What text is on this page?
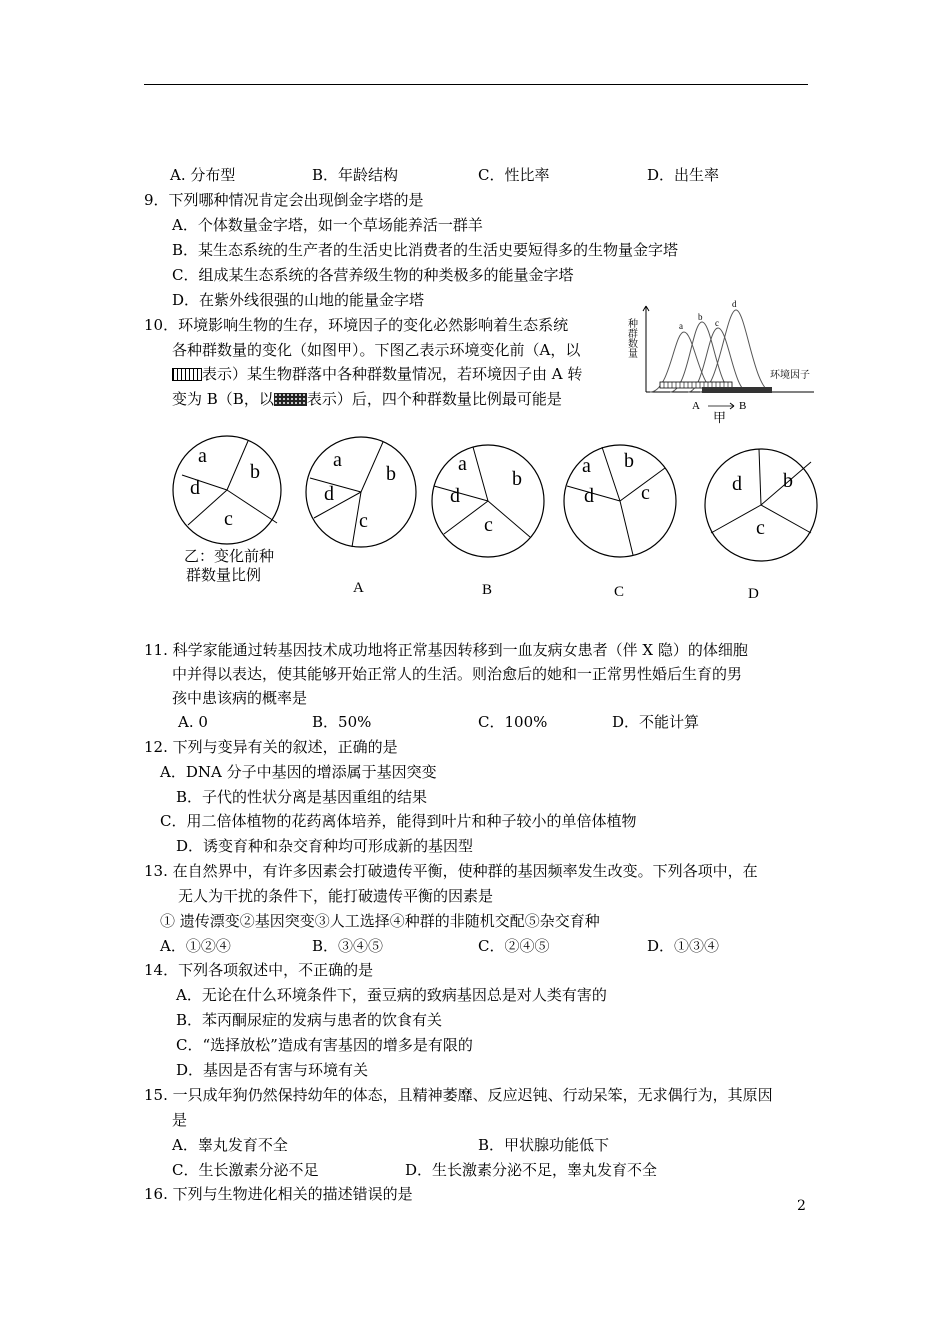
A. 分布型	B．年龄结构	C．性比率	D．出生率
9．下列哪种情况肯定会出现倒金字塔的是
A．个体数量金字塔，如一个草场能养活一群羊
B．某生态系统的生产者的生活史比消费者的生活史要短得多的生物量金字塔
C．组成某生态系统的各营养级生物的种类极多的能量金字塔
D．在紫外线很强的山地的能量金字塔
10．环境影响生物的生存，环境因子的变化必然影响着生态系统
各种群数量的变化（如图甲）。下图乙表示环境变化前（A，以
表示）某生物群落中各种群数量情况，若环境因子由 A 转
变为 B（B，以 表示）后，四个种群数量比例最可能是
种群数量	a
b
c
d
环境因子
A	B
甲
a
b
c
d
a
b
c
d
a
b
c
d
a b
c
d
d b
c
乙：变化前种
群数量比例
A	B	C	D
11. 科学家能通过转基因技术成功地将正常基因转移到一血友病女患者（伴 X 隐）的体细胞
中并得以表达，使其能够开始正常人的生活。则治愈后的她和一正常男性婚后生育的男
孩中患该病的概率是
A. 0	B．50%	C．100%	D．不能计算
12. 下列与变异有关的叙述，正确的是
A．DNA 分子中基因的增添属于基因突变
B．子代的性状分离是基因重组的结果
C．用二倍体植物的花药离体培养，能得到叶片和种子较小的单倍体植物
D．诱变育种和杂交育种均可形成新的基因型
13. 在自然界中，有许多因素会打破遗传平衡，使种群的基因频率发生改变。下列各项中，在
无人为干扰的条件下，能打破遗传平衡的因素是
① 遗传漂变②基因突变③人工选择④种群的非随机交配⑤杂交育种
A．①②④	B．③④⑤	C．②④⑤	D．①③④
14．下列各项叙述中，不正确的是
A．无论在什么环境条件下，蚕豆病的致病基因总是对人类有害的
B．苯丙酮尿症的发病与患者的饮食有关
C．“选择放松”造成有害基因的增多是有限的
D．基因是否有害与环境有关
15. 一只成年狗仍然保持幼年的体态，且精神萎靡、反应迟钝、行动呆笨，无求偶行为，其原因
是
A．睾丸发育不全	B．甲状腺功能低下
C．生长激素分泌不足	D．生长激素分泌不足，睾丸发育不全
16. 下列与生物进化相关的描述错误的是
2
